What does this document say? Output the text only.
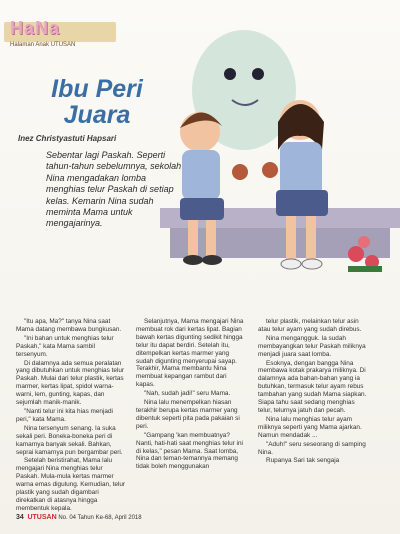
HaNa
Halaman Anak UTUSAN
Ibu Peri
Juara
Inez Christyastuti Hapsari

Sebentar lagi Paskah. Seperti tahun-tahun sebelumnya, sekolah Nina mengadakan lomba menghias telur Paskah di setiap kelas. Kemarin Nina sudah meminta Mama untuk mengajarinya.

"Itu apa, Ma?" tanya Nina saat Mama datang membawa bungkusan.

"Ini bahan untuk menghias telur Paskah," kata Mama sambil tersenyum.

Di dalamnya ada semua peralatan yang dibutuhkan untuk menghias telur Paskah. Mulai dari telur plastik, kertas marmer, kertas lipat, spidol warna-warni, lem, gunting, kapas, dan sejumlah manik-manik.

"Nanti telur ini kita hias menjadi peri," kata Mama.

Nina tersenyum senang. Ia suka sekali peri. Boneka-boneka peri di kamarnya banyak sekali. Bahkan, seprai kamarnya pun bergambar peri.

Setelah beristirahat, Mama lalu mengajari Nina menghias telur Paskah. Mula-mula kertas marmer warna emas digulung. Kemudian, telur plastik yang sudah digambari direkatkan di atasnya hingga membentuk kepala.

Selanjutnya, Mama mengajari Nina membuat rok dari kertas lipat. Bagian bawah kertas digunting sedikit hingga telur itu dapat berdiri. Setelah itu, ditempelkan kertas marmer yang sudah digunting menyerupai sayap. Terakhir, Mama membantu Nina membuat kepangan rambut dari kapas.

"Nah, sudah jadi!" seru Mama.

Nina lalu menempelkan hiasan terakhir berupa kertas marmer yang dibentuk seperti pita pada pakaian si peri.

"Gampang 'kan membuatnya? Nanti, hati-hati saat menghias telur ini di kelas," pesan Mama. Saat lomba, Nina dan teman-temannya memang tidak boleh menggunakan

telur plastik, melainkan telur asin atau telur ayam yang sudah direbus.

Nina mengangguk. Ia sudah membayangkan telur Paskah miliknya menjadi juara saat lomba.

Esoknya, dengan bangga Nina membawa kotak prakarya miliknya. Di dalamnya ada bahan-bahan yang ia butuhkan, termasuk telur ayam rebus tambahan yang sudah Mama siapkan. Siapa tahu saat sedang menghias telur, telurnya jatuh dan pecah.

Nina lalu menghias telur ayam miliknya seperti yang Mama ajarkan. Namun mendadak ...

"Aduh!" seru seseorang di samping Nina.

Rupanya Sari tak sengaja

34 UTUSAN No. 04 Tahun Ke-68, April 2018
